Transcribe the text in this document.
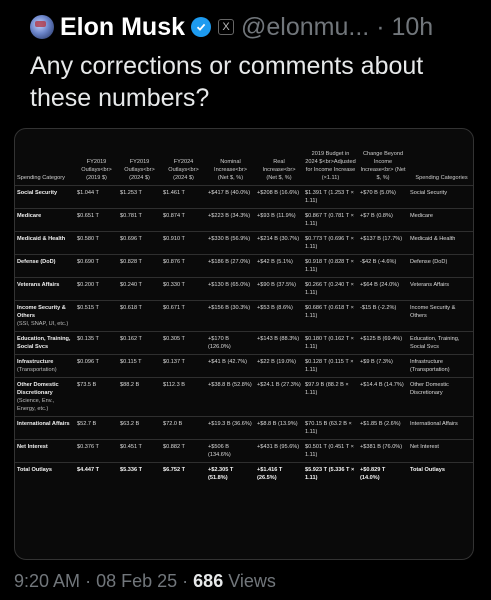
Elon Musk	X @elonmu... · 10h
Any corrections or comments about these numbers?
Spending Category	FY2019 Outlays<br> (2019 $)	FY2019 Outlays<br> (2024 $)	FY2024 Outlays<br> (2024 $)	Nominal Increase<br> (Net $, %)	Real Increase<br> (Net $, %)	2019 Budget in 2024 $<br>Adjusted for Income Increase (×1.11)	Change Beyond Income Increase<br> (Net $, %)	Spending Categories
Social Security	$1.044 T	$1.253 T	$1.461 T	+$417 B (40.0%)	+$208 B (16.6%)	$1.391 T (1.253 T × 1.11)	+$70 B (5.0%)	Social Security
Medicare	$0.651 T	$0.781 T	$0.874 T	+$223 B (34.3%)	+$93 B (11.9%)	$0.867 T (0.781 T × 1.11)	+$7 B (0.8%)	Medicare
Medicaid & Health	$0.580 T	$0.696 T	$0.910 T	+$330 B (56.9%)	+$214 B (30.7%)	$0.773 T (0.696 T × 1.11)	+$137 B (17.7%)	Medicaid & Health
Defense (DoD)	$0.690 T	$0.828 T	$0.876 T	+$186 B (27.0%)	+$42 B (5.1%)	$0.918 T (0.828 T × 1.11)	-$42 B (-4.6%)	Defense (DoD)
Veterans Affairs	$0.200 T	$0.240 T	$0.330 T	+$130 B (65.0%)	+$90 B (37.5%)	$0.266 T (0.240 T × 1.11)	+$64 B (24.0%)	Veterans Affairs
Income Security & Others
(SSI, SNAP, UI, etc.)	$0.515 T	$0.618 T	$0.671 T	+$156 B (30.3%)	+$53 B (8.6%)	$0.686 T (0.618 T × 1.11)	-$15 B (-2.2%)	Income Security & Others
Education, Training, Social Svcs	$0.135 T	$0.162 T	$0.305 T	+$170 B (126.0%)	+$143 B (88.3%)	$0.180 T (0.162 T × 1.11)	+$125 B (69.4%)	Education, Training, Social Svcs
Infrastructure
(Transportation)	$0.096 T	$0.115 T	$0.137 T	+$41 B (42.7%)	+$22 B (19.0%)	$0.128 T (0.115 T × 1.11)	+$9 B (7.3%)	Infrastructure (Transportation)
Other Domestic Discretionary
(Science, Env., Energy, etc.)	$73.5 B	$88.2 B	$112.3 B	+$38.8 B (52.8%)	+$24.1 B (27.3%)	$97.9 B (88.2 B × 1.11)	+$14.4 B (14.7%)	Other Domestic Discretionary
International Affairs	$52.7 B	$63.2 B	$72.0 B	+$19.3 B (36.6%)	+$8.8 B (13.9%)	$70.15 B (63.2 B × 1.11)	+$1.85 B (2.6%)	International Affairs
Net Interest	$0.376 T	$0.451 T	$0.882 T	+$506 B (134.6%)	+$431 B (95.6%)	$0.501 T (0.451 T × 1.11)	+$381 B (76.0%)	Net Interest
Total Outlays	$4.447 T	$5.336 T	$6.752 T	+$2.305 T (51.8%)	+$1.416 T (26.5%)	$5.923 T (5.336 T × 1.11)	+$0.829 T (14.0%)	Total Outlays
9:20 AM · 08 Feb 25 · 686 Views
